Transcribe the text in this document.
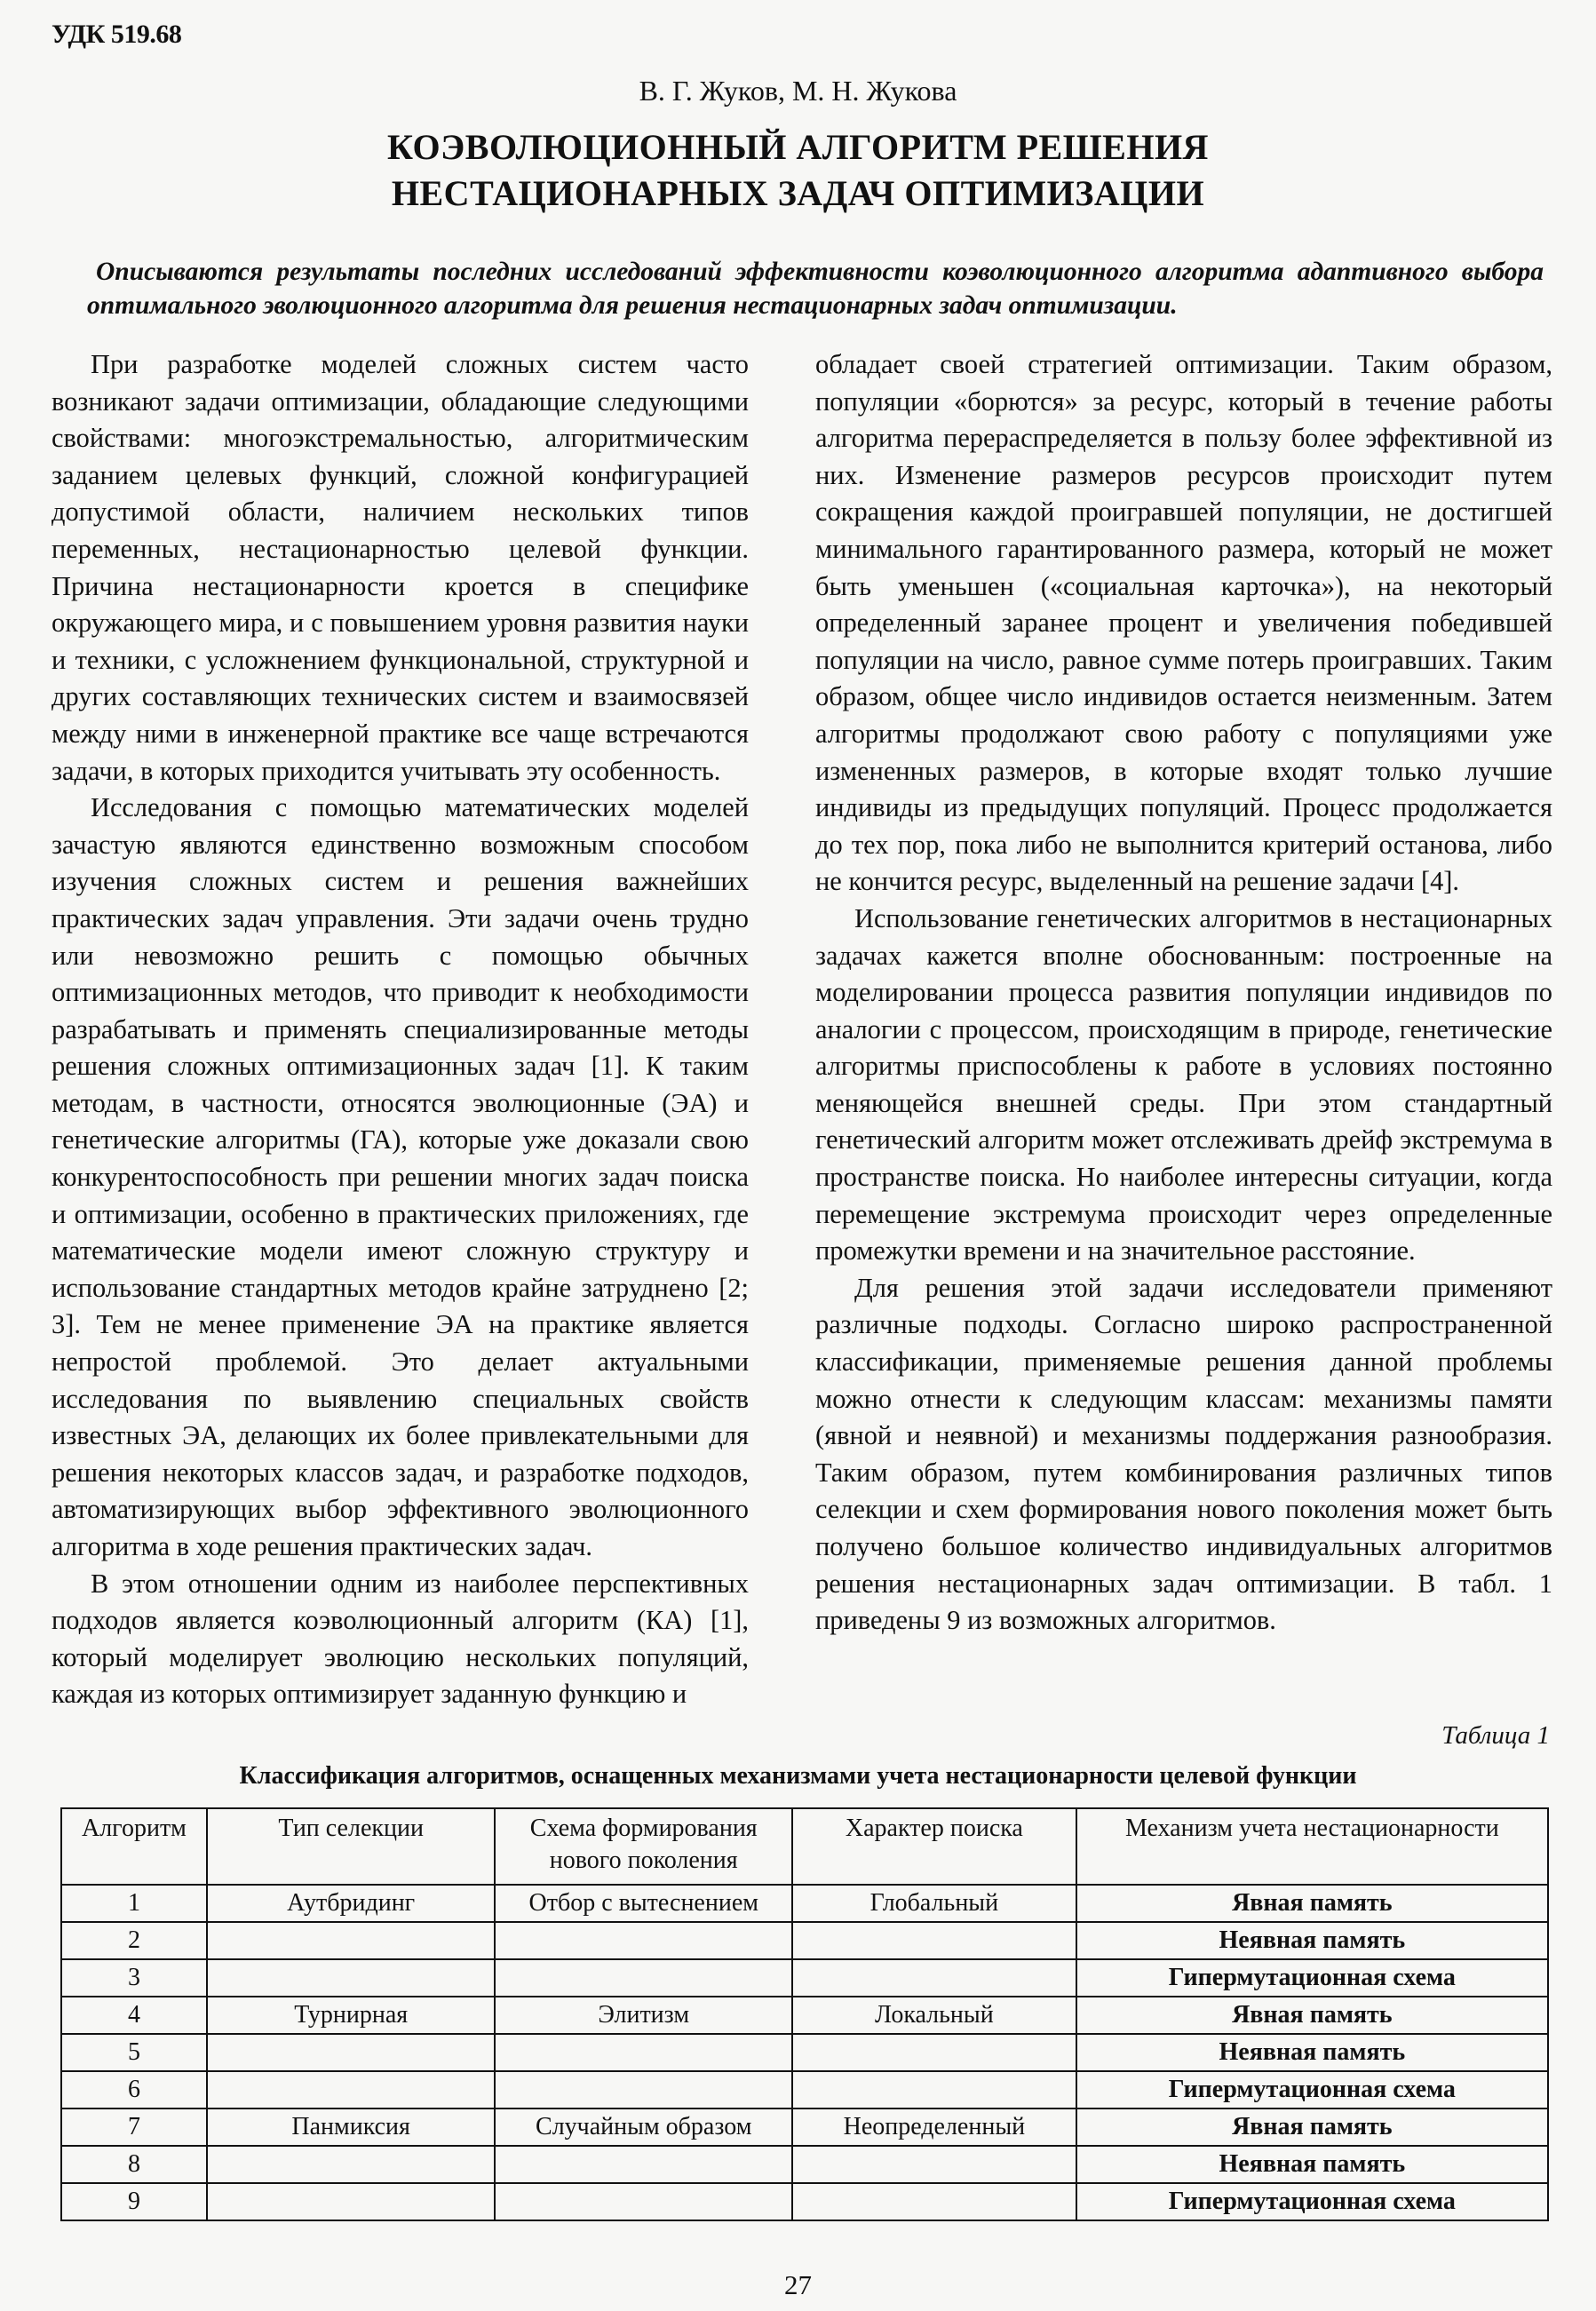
УДК 519.68
В. Г. Жуков, М. Н. Жукова
КОЭВОЛЮЦИОННЫЙ АЛГОРИТМ РЕШЕНИЯ
НЕСТАЦИОНАРНЫХ ЗАДАЧ ОПТИМИЗАЦИИ
Описываются результаты последних исследований эффективности коэволюционного алгоритма адаптивного выбора оптимального эволюционного алгоритма для решения нестационарных задач оптимизации.

При разработке моделей сложных систем часто возникают задачи оптимизации, обладающие следующими свойствами: многоэкстремальностью, алгоритмическим заданием целевых функций, сложной конфигурацией допустимой области, наличием нескольких типов переменных, нестационарностью целевой функции. Причина нестационарности кроется в специфике окружающего мира, и с повышением уровня развития науки и техники, с усложнением функциональной, структурной и других составляющих технических систем и взаимосвязей между ними в инженерной практике все чаще встречаются задачи, в которых приходится учитывать эту особенность.

Исследования с помощью математических моделей зачастую являются единственно возможным способом изучения сложных систем и решения важнейших практических задач управления. Эти задачи очень трудно или невозможно решить с помощью обычных оптимизационных методов, что приводит к необходимости разрабатывать и применять специализированные методы решения сложных оптимизационных задач [1]. К таким методам, в частности, относятся эволюционные (ЭА) и генетические алгоритмы (ГА), которые уже доказали свою конкурентоспособность при решении многих задач поиска и оптимизации, особенно в практических приложениях, где математические модели имеют сложную структуру и использование стандартных методов крайне затруднено [2; 3]. Тем не менее применение ЭА на практике является непростой проблемой. Это делает актуальными исследования по выявлению специальных свойств известных ЭА, делающих их более привлекательными для решения некоторых классов задач, и разработке подходов, автоматизирующих выбор эффективного эволюционного алгоритма в ходе решения практических задач.

В этом отношении одним из наиболее перспективных подходов является коэволюционный алгоритм (КА) [1], который моделирует эволюцию нескольких популяций, каждая из которых оптимизирует заданную функцию и

обладает своей стратегией оптимизации. Таким образом, популяции «борются» за ресурс, который в течение работы алгоритма перераспределяется в пользу более эффективной из них. Изменение размеров ресурсов происходит путем сокращения каждой проигравшей популяции, не достигшей минимального гарантированного размера, который не может быть уменьшен («социальная карточка»), на некоторый определенный заранее процент и увеличения победившей популяции на число, равное сумме потерь проигравших. Таким образом, общее число индивидов остается неизменным. Затем алгоритмы продолжают свою работу с популяциями уже измененных размеров, в которые входят только лучшие индивиды из предыдущих популяций. Процесс продолжается до тех пор, пока либо не выполнится критерий останова, либо не кончится ресурс, выделенный на решение задачи [4].

Использование генетических алгоритмов в нестационарных задачах кажется вполне обоснованным: построенные на моделировании процесса развития популяции индивидов по аналогии с процессом, происходящим в природе, генетические алгоритмы приспособлены к работе в условиях постоянно меняющейся внешней среды. При этом стандартный генетический алгоритм может отслеживать дрейф экстремума в пространстве поиска. Но наиболее интересны ситуации, когда перемещение экстремума происходит через определенные промежутки времени и на значительное расстояние.

Для решения этой задачи исследователи применяют различные подходы. Согласно широко распространенной классификации, применяемые решения данной проблемы можно отнести к следующим классам: механизмы памяти (явной и неявной) и механизмы поддержания разнообразия. Таким образом, путем комбинирования различных типов селекции и схем формирования нового поколения может быть получено большое количество индивидуальных алгоритмов решения нестационарных задач оптимизации. В табл. 1 приведены 9 из возможных алгоритмов.

Таблица 1
Классификация алгоритмов, оснащенных механизмами учета нестационарности целевой функции
Алгоритм	Тип селекции	Схема формирования нового поколения	Характер поиска	Механизм учета нестационарности
1	Аутбридинг	Отбор с вытеснением	Глобальный	Явная память
2				Неявная память
3				Гипермутационная схема
4	Турнирная	Элитизм	Локальный	Явная память
5				Неявная память
6				Гипермутационная схема
7	Панмиксия	Случайным образом	Неопределенный	Явная память
8				Неявная память
9				Гипермутационная схема
27
